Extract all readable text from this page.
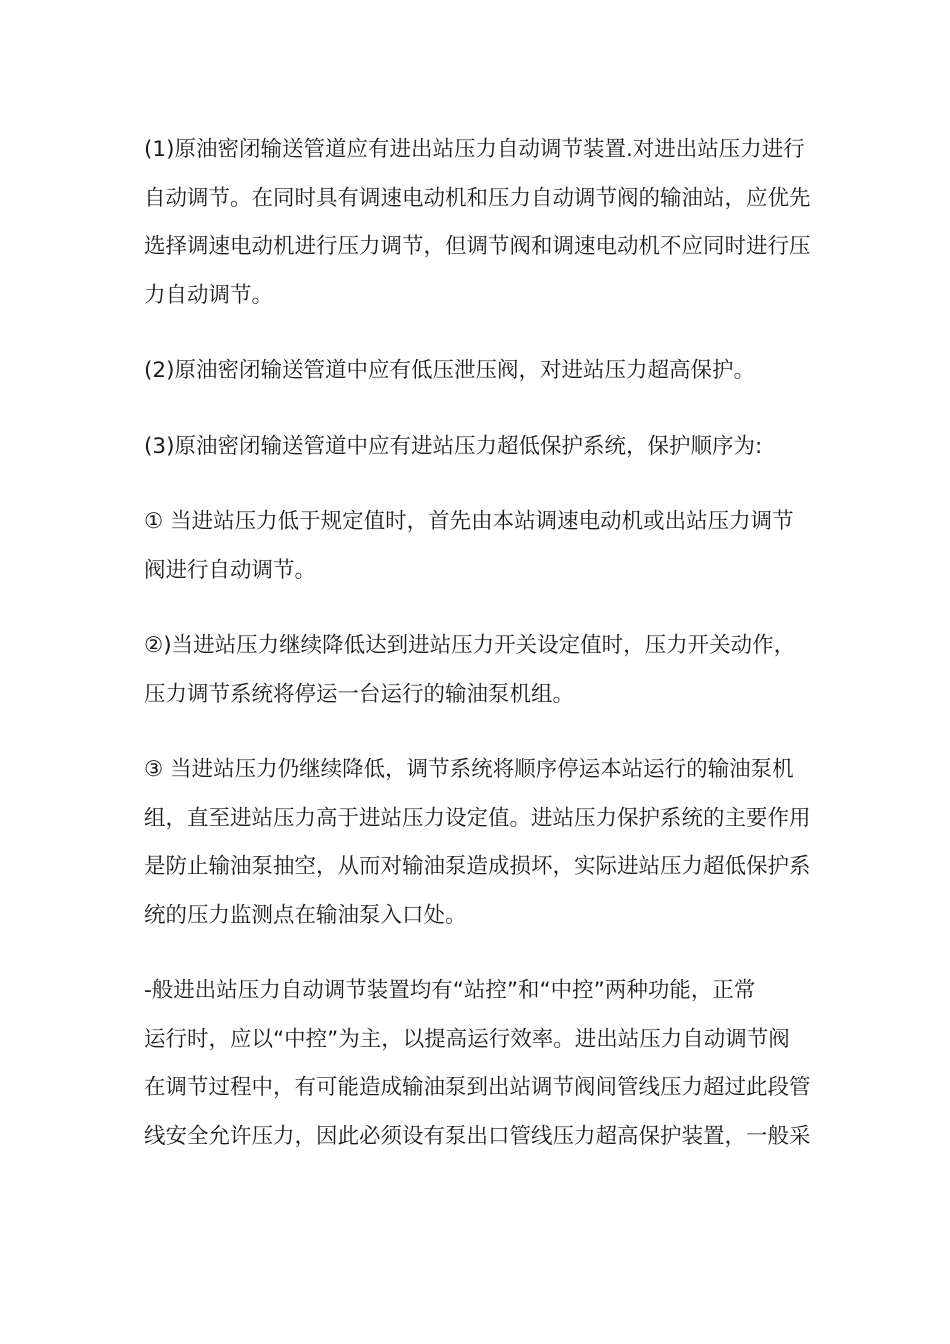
(1)原油密闭输送管道应有进出站压力自动调节装置.对进出站压力进行
自动调节。在同时具有调速电动机和压力自动调节阀的输油站，应优先
选择调速电动机进行压力调节，但调节阀和调速电动机不应同时进行压
力自动调节。

(2)原油密闭输送管道中应有低压泄压阀，对进站压力超高保护。

(3)原油密闭输送管道中应有进站压力超低保护系统，保护顺序为:

① 当进站压力低于规定值时，首先由本站调速电动机或出站压力调节
阀进行自动调节。

②)当进站压力继续降低达到进站压力开关设定值时，压力开关动作，
压力调节系统将停运一台运行的输油泵机组。

③ 当进站压力仍继续降低，调节系统将顺序停运本站运行的输油泵机
组，直至进站压力高于进站压力设定值。进站压力保护系统的主要作用
是防止输油泵抽空，从而对输油泵造成损坏，实际进站压力超低保护系
统的压力监测点在输油泵入口处。

-般进出站压力自动调节装置均有“站控”和“中控”两种功能，正常
运行时，应以“中控”为主，以提高运行效率。进出站压力自动调节阀
在调节过程中，有可能造成输油泵到出站调节阀间管线压力超过此段管
线安全允许压力，因此必须设有泵出口管线压力超高保护装置，一般采
